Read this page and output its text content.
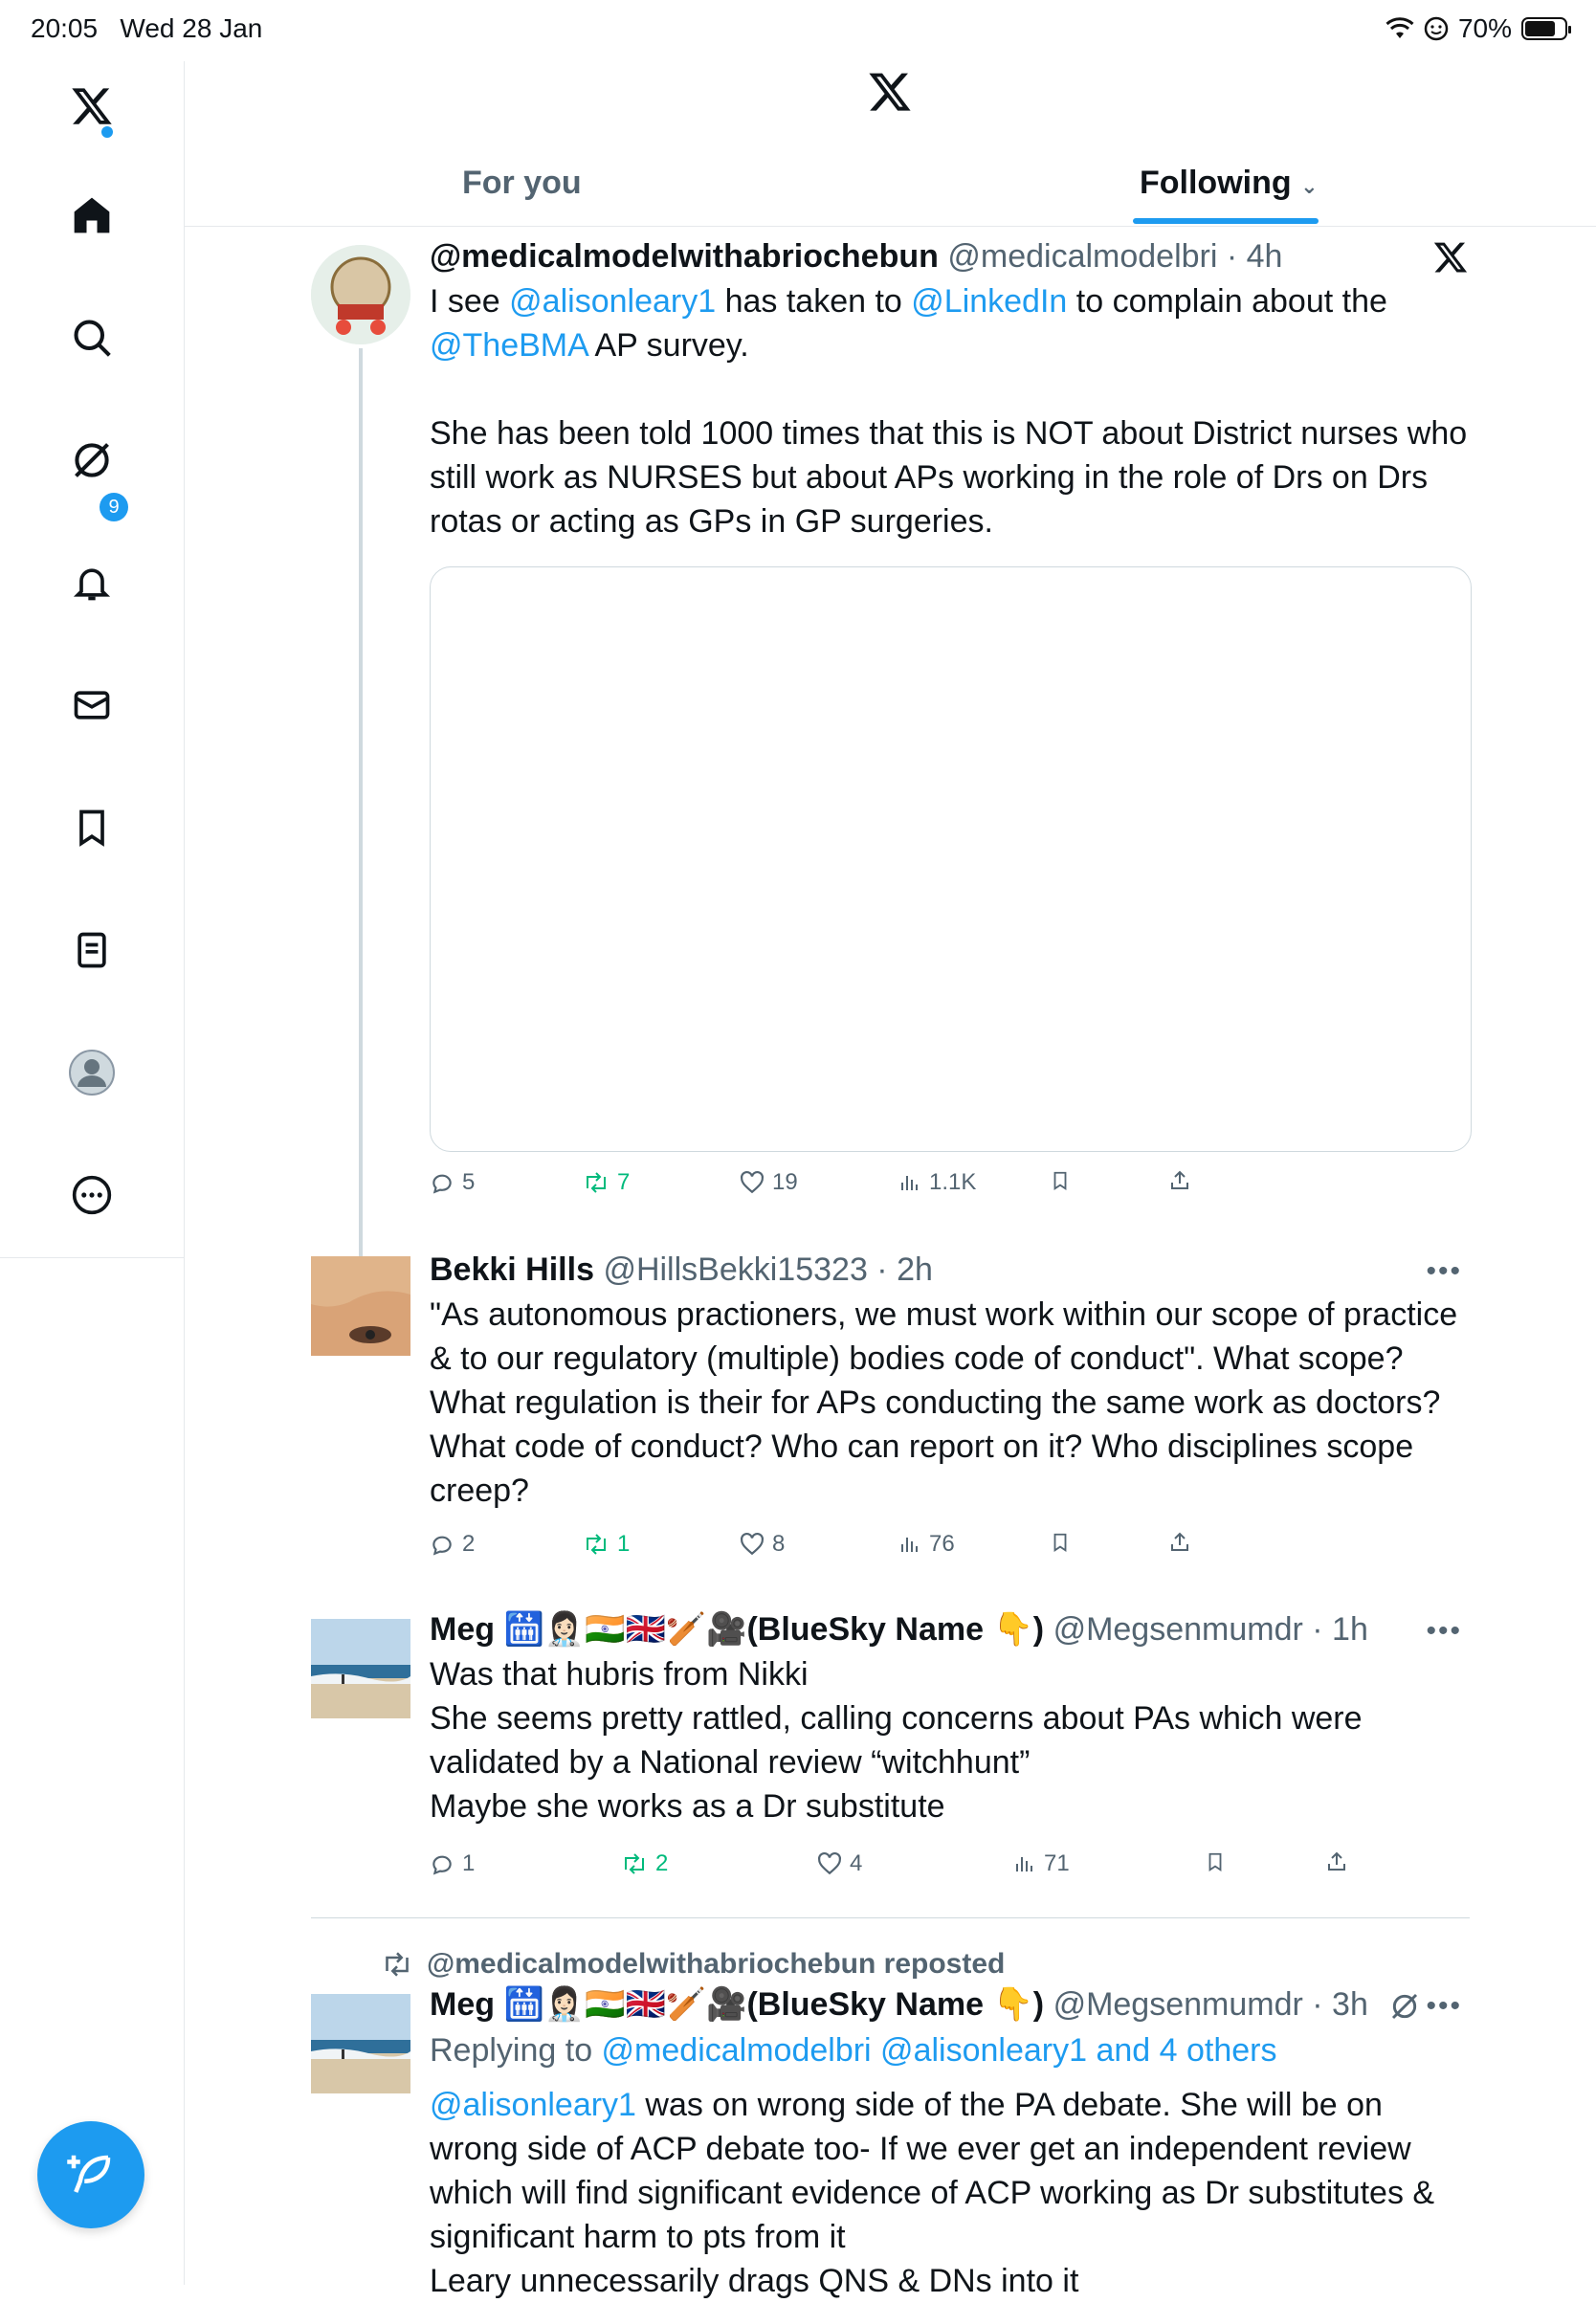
20:05 Wed 28 Jan	70%
9
For you	Following ⌄
@medicalmodelwithabriochebun @medicalmodelbri · 4h
I see @alisonleary1 has taken to @LinkedIn to complain about the
@TheBMA AP survey.
She has been told 1000 times that this is NOT about District nurses who still work as NURSES but about APs working in the role of Drs on Drs rotas or acting as GPs in GP surgeries.
5	7	19	1.1K
Bekki Hills @HillsBekki15323 · 2h
"As autonomous practioners, we must work within our scope of practice & to our regulatory (multiple) bodies code of conduct". What scope? What regulation is their for APs conducting the same work as doctors? What code of conduct? Who can report on it? Who disciplines scope creep?
•••
2	1	8	76
Meg 🛗👩🏻‍⚕️🇮🇳🇬🇧🏏🎥(BlueSky Name 👇) @Megsenmumdr · 1h
Was that hubris from Nikki
She seems pretty rattled, calling concerns about PAs which were validated by a National review “witchhunt”
Maybe she works as a Dr substitute
•••
1	2	4	71
@medicalmodelwithabriochebun reposted
Meg 🛗👩🏻‍⚕️🇮🇳🇬🇧🏏🎥(BlueSky Name 👇) @Megsenmumdr · 3h
Replying to @medicalmodelbri @alisonleary1 and 4 others
@alisonleary1 was on wrong side of the PA debate. She will be on wrong side of ACP debate too- If we ever get an independent review which will find significant evidence of ACP working as Dr substitutes & significant harm to pts from it
Leary unnecessarily drags QNS & DNs into it
•••
